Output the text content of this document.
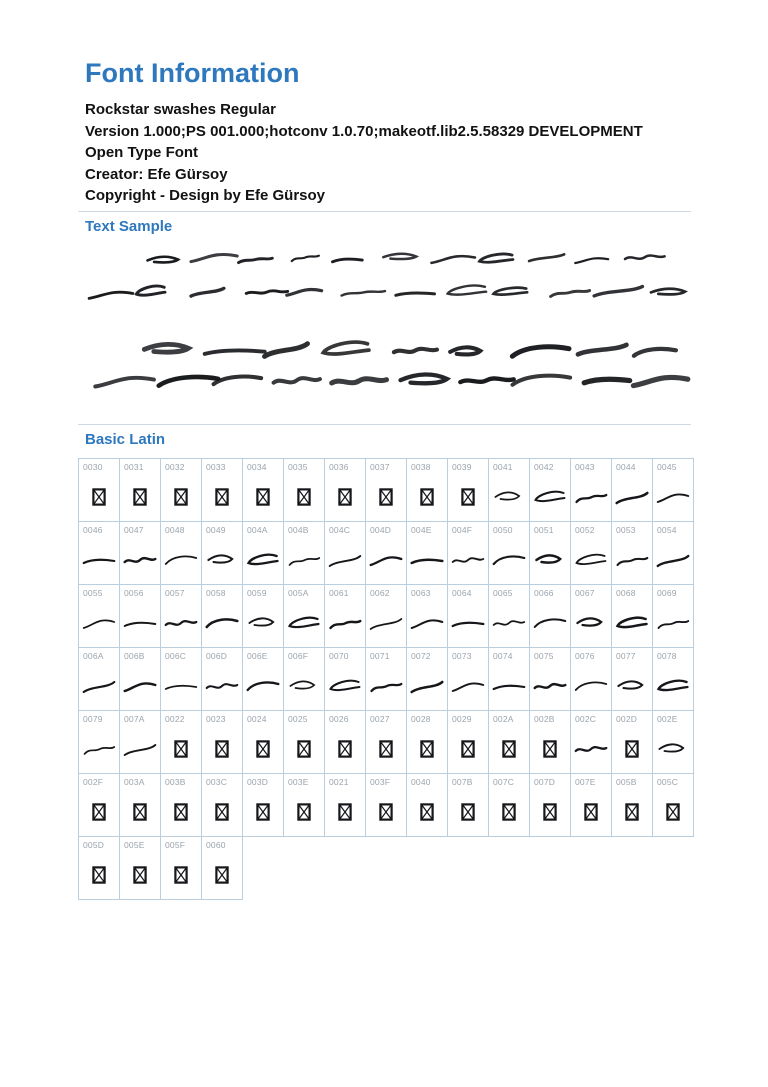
Font Information
Rockstar swashes Regular
Version 1.000;PS 001.000;hotconv 1.0.70;makeotf.lib2.5.58329 DEVELOPMENT
Open Type Font
Creator: Efe Gürsoy
Copyright - Design by Efe Gürsoy
Text Sample
Basic Latin
0030	0031	0032	0033	0034	0035	0036	0037	0038	0039	0041	0042	0043	0044	0045
0046	0047	0048	0049	004A	004B	004C	004D	004E	004F	0050	0051	0052	0053	0054
0055	0056	0057	0058	0059	005A	0061	0062	0063	0064	0065	0066	0067	0068	0069
006A	006B	006C	006D	006E	006F	0070	0071	0072	0073	0074	0075	0076	0077	0078
0079	007A	0022	0023	0024	0025	0026	0027	0028	0029	002A	002B	002C	002D	002E
002F	003A	003B	003C	003D	003E	0021	003F	0040	007B	007C	007D	007E	005B	005C
005D	005E	005F	0060
